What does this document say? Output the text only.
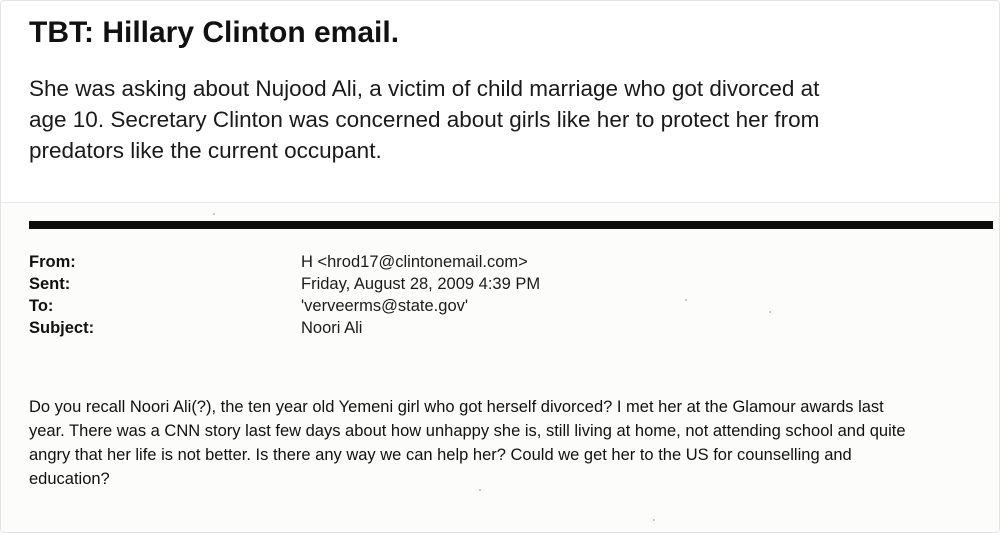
TBT: Hillary Clinton email.

She was asking about Nujood Ali, a victim of child marriage who got divorced at
age 10. Secretary Clinton was concerned about girls like her to protect her from
predators like the current occupant.

From:	H <hrod17@clintonemail.com>
Sent:	Friday, August 28, 2009 4:39 PM
To:	'verveerms@state.gov'
Subject:	Noori Ali

Do you recall Noori Ali(?), the ten year old Yemeni girl who got herself divorced? I met her at the Glamour awards last
year. There was a CNN story last few days about how unhappy she is, still living at home, not attending school and quite
angry that her life is not better. Is there any way we can help her? Could we get her to the US for counselling and
education?
